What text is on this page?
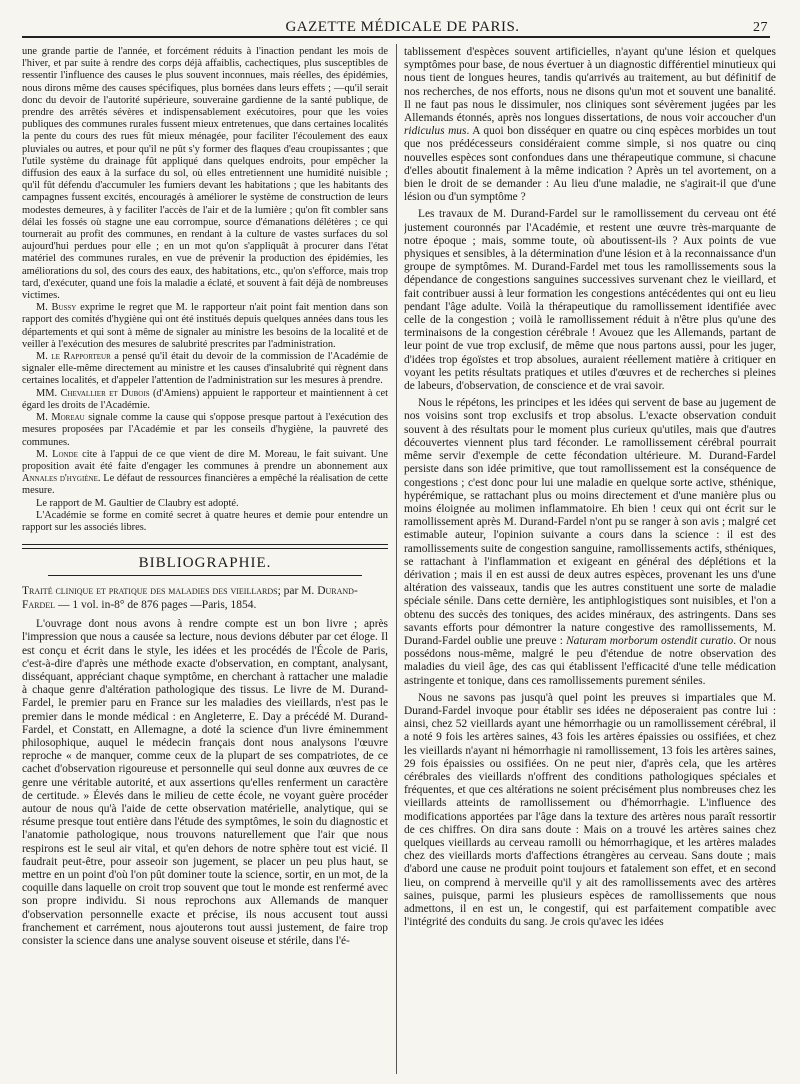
GAZETTE MÉDICALE DE PARIS.	27

une grande partie de l'année, et forcément réduits à l'inaction pendant les mois de l'hiver, et par suite à rendre des corps déjà affaiblis, cachectiques, plus susceptibles de ressentir l'influence des causes le plus souvent inconnues, mais réelles, des épidémies, nous dirons même des causes spécifiques, plus bornées dans leurs effets ; —qu'il serait donc du devoir de l'autorité supérieure, souveraine gardienne de la santé publique, de prendre des arrêtés sévères et indispensablement exécutoires, pour que les voies publiques des communes rurales fussent mieux entretenues, que dans certaines localités la pente du cours des rues fût mieux ménagée, pour faciliter l'écoulement des eaux pluviales ou autres, et pour qu'il ne pût s'y former des flaques d'eau croupissantes ; que l'utile système du drainage fût appliqué dans quelques endroits, pour empêcher la diffusion des eaux à la surface du sol, où elles entretiennent une humidité nuisible ; qu'il fût défendu d'accumuler les fumiers devant les habitations ; que les habitants des campagnes fussent excités, encouragés à améliorer le système de construction de leurs modestes demeures, à y faciliter l'accès de l'air et de la lumière ; qu'on fît combler sans délai les fossés où stagne une eau corrompue, source d'émanations délétères ; ce qui tournerait au profit des communes, en rendant à la culture de vastes surfaces du sol aujourd'hui perdues pour elle ; en un mot qu'on s'appliquât à procurer dans l'état matériel des communes rurales, en vue de prévenir la production des épidémies, les améliorations du sol, des cours des eaux, des habitations, etc., qu'on s'efforce, mais trop tard, d'exécuter, quand une fois la maladie a éclaté, et souvent à fait déjà de nombreuses victimes.

M. Bussy exprime le regret que M. le rapporteur n'ait point fait mention dans son rapport des comités d'hygiène qui ont été institués depuis quelques années dans tous les départements et qui sont à même de signaler au ministre les besoins de la localité et de veiller à l'exécution des mesures de salubrité prescrites par l'administration.

M. le Rapporteur a pensé qu'il était du devoir de la commission de l'Académie de signaler elle-même directement au ministre et les causes d'insalubrité qui règnent dans certaines localités, et d'appeler l'attention de l'administration sur les mesures à prendre.

MM. Chevallier et Dubois (d'Amiens) appuient le rapporteur et maintiennent à cet égard les droits de l'Académie.

M. Moreau signale comme la cause qui s'oppose presque partout à l'exécution des mesures proposées par l'Académie et par les conseils d'hygiène, la pauvreté des communes.

M. Londe cite à l'appui de ce que vient de dire M. Moreau, le fait suivant. Une proposition avait été faite d'engager les communes à prendre un abonnement aux Annales d'hygiène. Le défaut de ressources financières a empêché la réalisation de cette mesure.

Le rapport de M. Gaultier de Claubry est adopté.

L'Académie se forme en comité secret à quatre heures et demie pour entendre un rapport sur les associés libres.

BIBLIOGRAPHIE.

Traité clinique et pratique des maladies des vieillards; par M. Durand-Fardel — 1 vol. in-8° de 876 pages —Paris, 1854.

L'ouvrage dont nous avons à rendre compte est un bon livre ; après l'impression que nous a causée sa lecture, nous devions débuter par cet éloge. Il est conçu et écrit dans le style, les idées et les procédés de l'École de Paris, c'est-à-dire d'après une méthode exacte d'observation, en comptant, analysant, disséquant, appréciant chaque symptôme, en cherchant à rattacher une maladie à chaque genre d'altération pathologique des tissus. Le livre de M. Durand-Fardel, le premier paru en France sur les maladies des vieillards, n'est pas le premier dans le monde médical : en Angleterre, E. Day a précédé M. Durand-Fardel, et Constatt, en Allemagne, a doté la science d'un livre éminemment philosophique, auquel le médecin français dont nous analysons l'œuvre reproche « de manquer, comme ceux de la plupart de ses compatriotes, de ce cachet d'observation rigoureuse et personnelle qui seul donne aux œuvres de ce genre une véritable autorité, et aux assertions qu'elles renferment un caractère de certitude. » Élevés dans le milieu de cette école, ne voyant guère procéder autour de nous qu'à l'aide de cette observation matérielle, analytique, qui se résume presque tout entière dans l'étude des symptômes, le soin du diagnostic et l'anatomie pathologique, nous trouvons naturellement que l'air que nous respirons est le seul air vital, et qu'en dehors de notre sphère tout est vicié. Il faudrait peut-être, pour asseoir son jugement, se placer un peu plus haut, se mettre en un point d'où l'on pût dominer toute la science, sortir, en un mot, de la coquille dans laquelle on croit trop souvent que tout le monde est renfermé avec son propre individu. Si nous reprochons aux Allemands de manquer d'observation personnelle exacte et précise, ils nous accusent tout aussi franchement et carrément, nous ajouterons tout aussi justement, de faire trop consister la science dans une analyse souvent oiseuse et stérile, dans l'é-

tablissement d'espèces souvent artificielles, n'ayant qu'une lésion et quelques symptômes pour base, de nous évertuer à un diagnostic différentiel minutieux qui nous tient de longues heures, tandis qu'arrivés au traitement, au but définitif de nos recherches, de nos efforts, nous ne disons qu'un mot et souvent une banalité. Il ne faut pas nous le dissimuler, nos cliniques sont sévèrement jugées par les Allemands étonnés, après nos longues dissertations, de nous voir accoucher d'un ridiculus mus. A quoi bon disséquer en quatre ou cinq espèces morbides un tout que nos prédécesseurs considéraient comme simple, si nos quatre ou cinq nouvelles espèces sont confondues dans une thérapeutique commune, si chacune d'elles aboutit finalement à la même indication ? Après un tel avortement, on a bien le droit de se demander : Au lieu d'une maladie, ne s'agirait-il que d'une lésion ou d'un symptôme ?

Les travaux de M. Durand-Fardel sur le ramollissement du cerveau ont été justement couronnés par l'Académie, et restent une œuvre très-marquante de notre époque ; mais, somme toute, où aboutissent-ils ? Aux points de vue physiques et sensibles, à la détermination d'une lésion et à la reconnaissance d'un groupe de symptômes. M. Durand-Fardel met tous les ramollissements sous la dépendance de congestions sanguines successives survenant chez le vieillard, et fait contribuer aussi à leur formation les congestions antécédentes qui ont eu lieu pendant l'âge adulte. Voilà la thérapeutique du ramollissement identifiée avec celle de la congestion ; voilà le ramollissement réduit à n'être plus qu'une des terminaisons de la congestion cérébrale ! Avouez que les Allemands, partant de leur point de vue trop exclusif, de même que nous partons aussi, pour les juger, d'idées trop égoïstes et trop absolues, auraient réellement matière à critiquer en voyant les petits résultats pratiques et utiles d'œuvres et de recherches si pleines de labeurs, d'observation, de conscience et de vrai savoir.

Nous le répétons, les principes et les idées qui servent de base au jugement de nos voisins sont trop exclusifs et trop absolus. L'exacte observation conduit souvent à des résultats pour le moment plus curieux qu'utiles, mais que d'autres découvertes viennent plus tard féconder. Le ramollissement cérébral pourrait même servir d'exemple de cette fécondation ultérieure. M. Durand-Fardel persiste dans son idée primitive, que tout ramollissement est la conséquence de congestions ; c'est donc pour lui une maladie en quelque sorte active, sthénique, hypérémique, se rattachant plus ou moins directement et d'une manière plus ou moins éloignée au molimen inflammatoire. Eh bien ! ceux qui ont écrit sur le ramollissement après M. Durand-Fardel n'ont pu se ranger à son avis ; malgré cet estimable auteur, l'opinion suivante a cours dans la science : il est des ramollissements suite de congestion sanguine, ramollissements actifs, sthéniques, se rattachant à l'inflammation et exigeant en général des déplétions et la dérivation ; mais il en est aussi de deux autres espèces, provenant les uns d'une altération des vaisseaux, tandis que les autres constituent une sorte de maladie spéciale sénile. Dans cette dernière, les antiphlogistiques sont nuisibles, et l'on a obtenu des succès des toniques, des acides minéraux, des astringents. Dans ses savants efforts pour démontrer la nature congestive des ramollissements, M. Durand-Fardel oublie une preuve : Naturam morborum ostendit curatio. Or nous possédons nous-même, malgré le peu d'étendue de notre observation des maladies du vieil âge, des cas qui établissent l'efficacité d'une telle médication astringente et tonique, dans ces ramollissements purement séniles.

Nous ne savons pas jusqu'à quel point les preuves si impartiales que M. Durand-Fardel invoque pour établir ses idées ne déposeraient pas contre lui : ainsi, chez 52 vieillards ayant une hémorrhagie ou un ramollissement cérébral, il a noté 9 fois les artères saines, 43 fois les artères épaissies ou ossifiées, et chez les vieillards n'ayant ni hémorrhagie ni ramollissement, 13 fois les artères saines, 29 fois épaissies ou ossifiées. On ne peut nier, d'après cela, que les artères cérébrales des vieillards n'offrent des conditions pathologiques spéciales et fréquentes, et que ces altérations ne soient précisément plus nombreuses chez les vieillards atteints de ramollissement ou d'hémorrhagie. L'influence des modifications apportées par l'âge dans la texture des artères nous paraît ressortir de ces chiffres. On dira sans doute : Mais on a trouvé les artères saines chez quelques vieillards au cerveau ramolli ou hémorrhagique, et les artères malades chez des vieillards morts d'affections étrangères au cerveau. Sans doute ; mais d'abord une cause ne produit point toujours et fatalement son effet, et en second lieu, on comprend à merveille qu'il y ait des ramollissements avec des artères saines, puisque, parmi les plusieurs espèces de ramollissements que nous admettons, il en est un, le congestif, qui est parfaitement compatible avec l'intégrité des conduits du sang. Je crois qu'avec les idées
